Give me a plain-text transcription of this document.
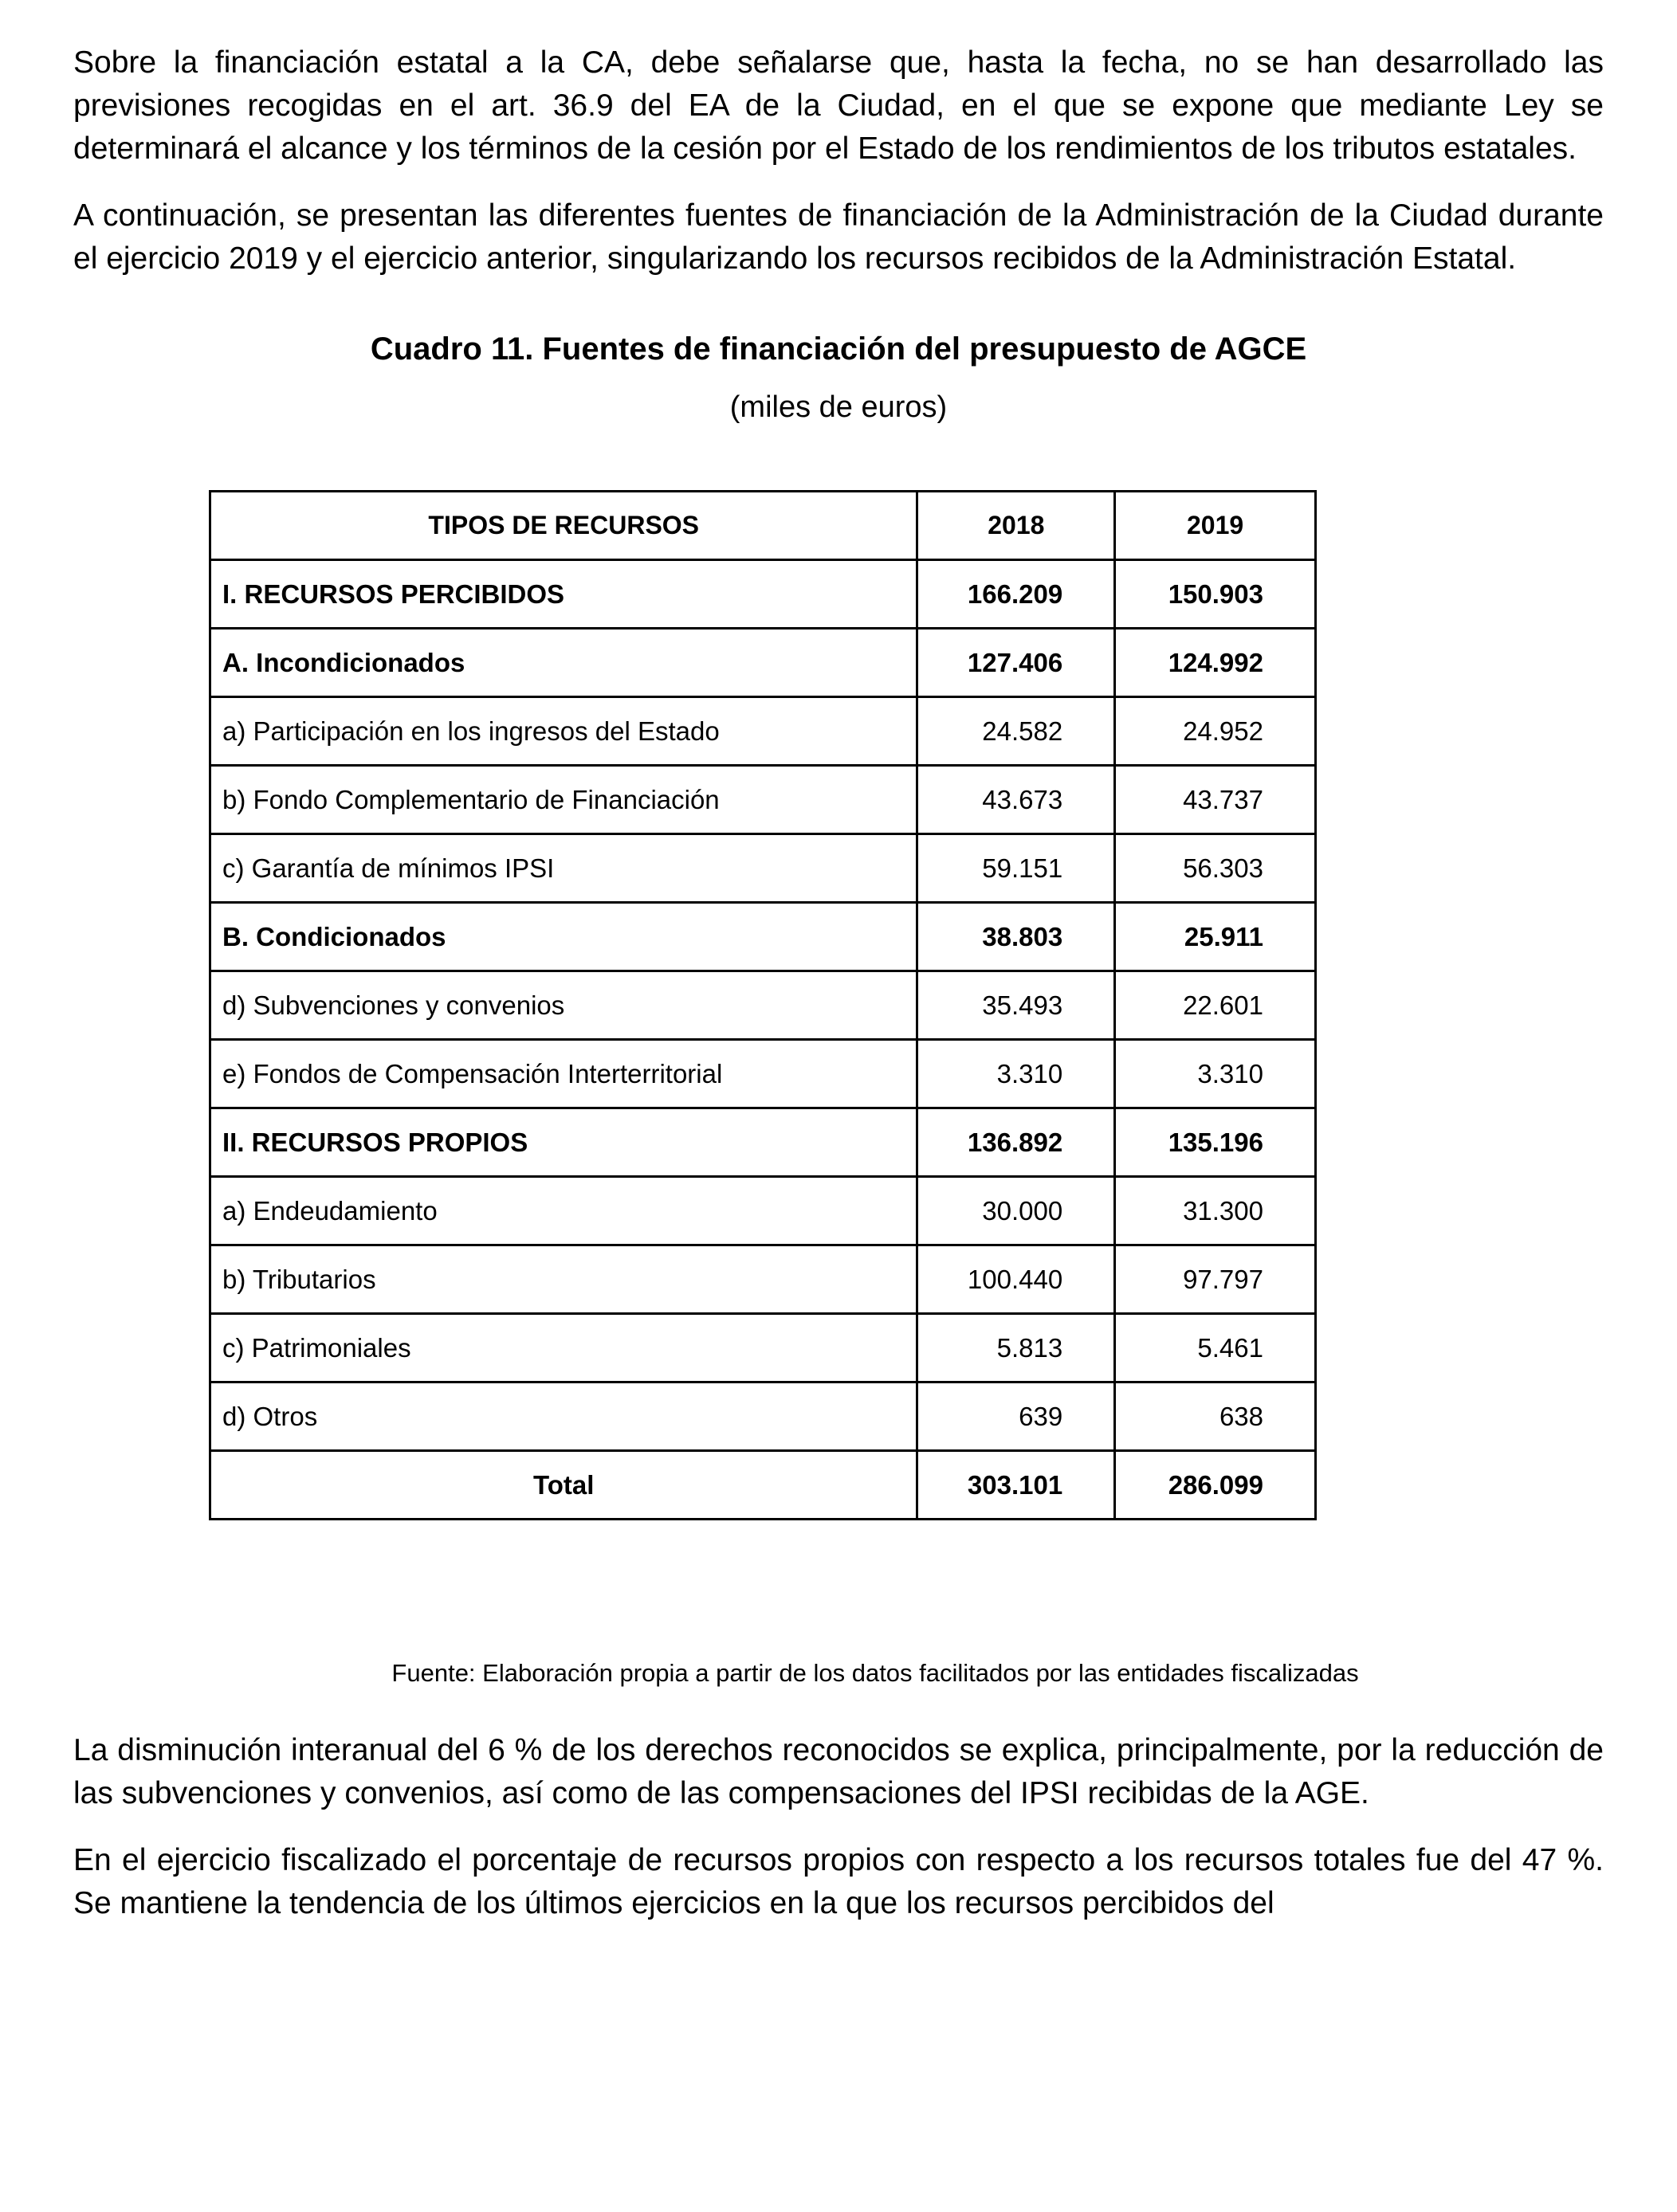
Sobre la financiación estatal a la CA, debe señalarse que, hasta la fecha, no se han desarrollado las previsiones recogidas en el art. 36.9 del EA de la Ciudad, en el que se expone que mediante Ley se determinará el alcance y los términos de la cesión por el Estado de los rendimientos de los tributos estatales.

A continuación, se presentan las diferentes fuentes de financiación de la Administración de la Ciudad durante el ejercicio 2019 y el ejercicio anterior, singularizando los recursos recibidos de la Administración Estatal.

Cuadro 11. Fuentes de financiación del presupuesto de AGCE

(miles de euros)

TIPOS DE RECURSOS	2018	2019
I. RECURSOS PERCIBIDOS	166.209	150.903
A. Incondicionados	127.406	124.992
a) Participación en los ingresos del Estado	24.582	24.952
b) Fondo Complementario de Financiación	43.673	43.737
c) Garantía de mínimos IPSI	59.151	56.303
B. Condicionados	38.803	25.911
d) Subvenciones y convenios	35.493	22.601
e) Fondos de Compensación Interterritorial	3.310	3.310
II. RECURSOS PROPIOS	136.892	135.196
a) Endeudamiento	30.000	31.300
b) Tributarios	100.440	97.797
c) Patrimoniales	5.813	5.461
d) Otros	639	638
Total	303.101	286.099
Fuente: Elaboración propia a partir de los datos facilitados por las entidades fiscalizadas

La disminución interanual del 6 % de los derechos reconocidos se explica, principalmente, por la reducción de las subvenciones y convenios, así como de las compensaciones del IPSI recibidas de la AGE.

En el ejercicio fiscalizado el porcentaje de recursos propios con respecto a los recursos totales fue del 47 %. Se mantiene la tendencia de los últimos ejercicios en la que los recursos percibidos del
